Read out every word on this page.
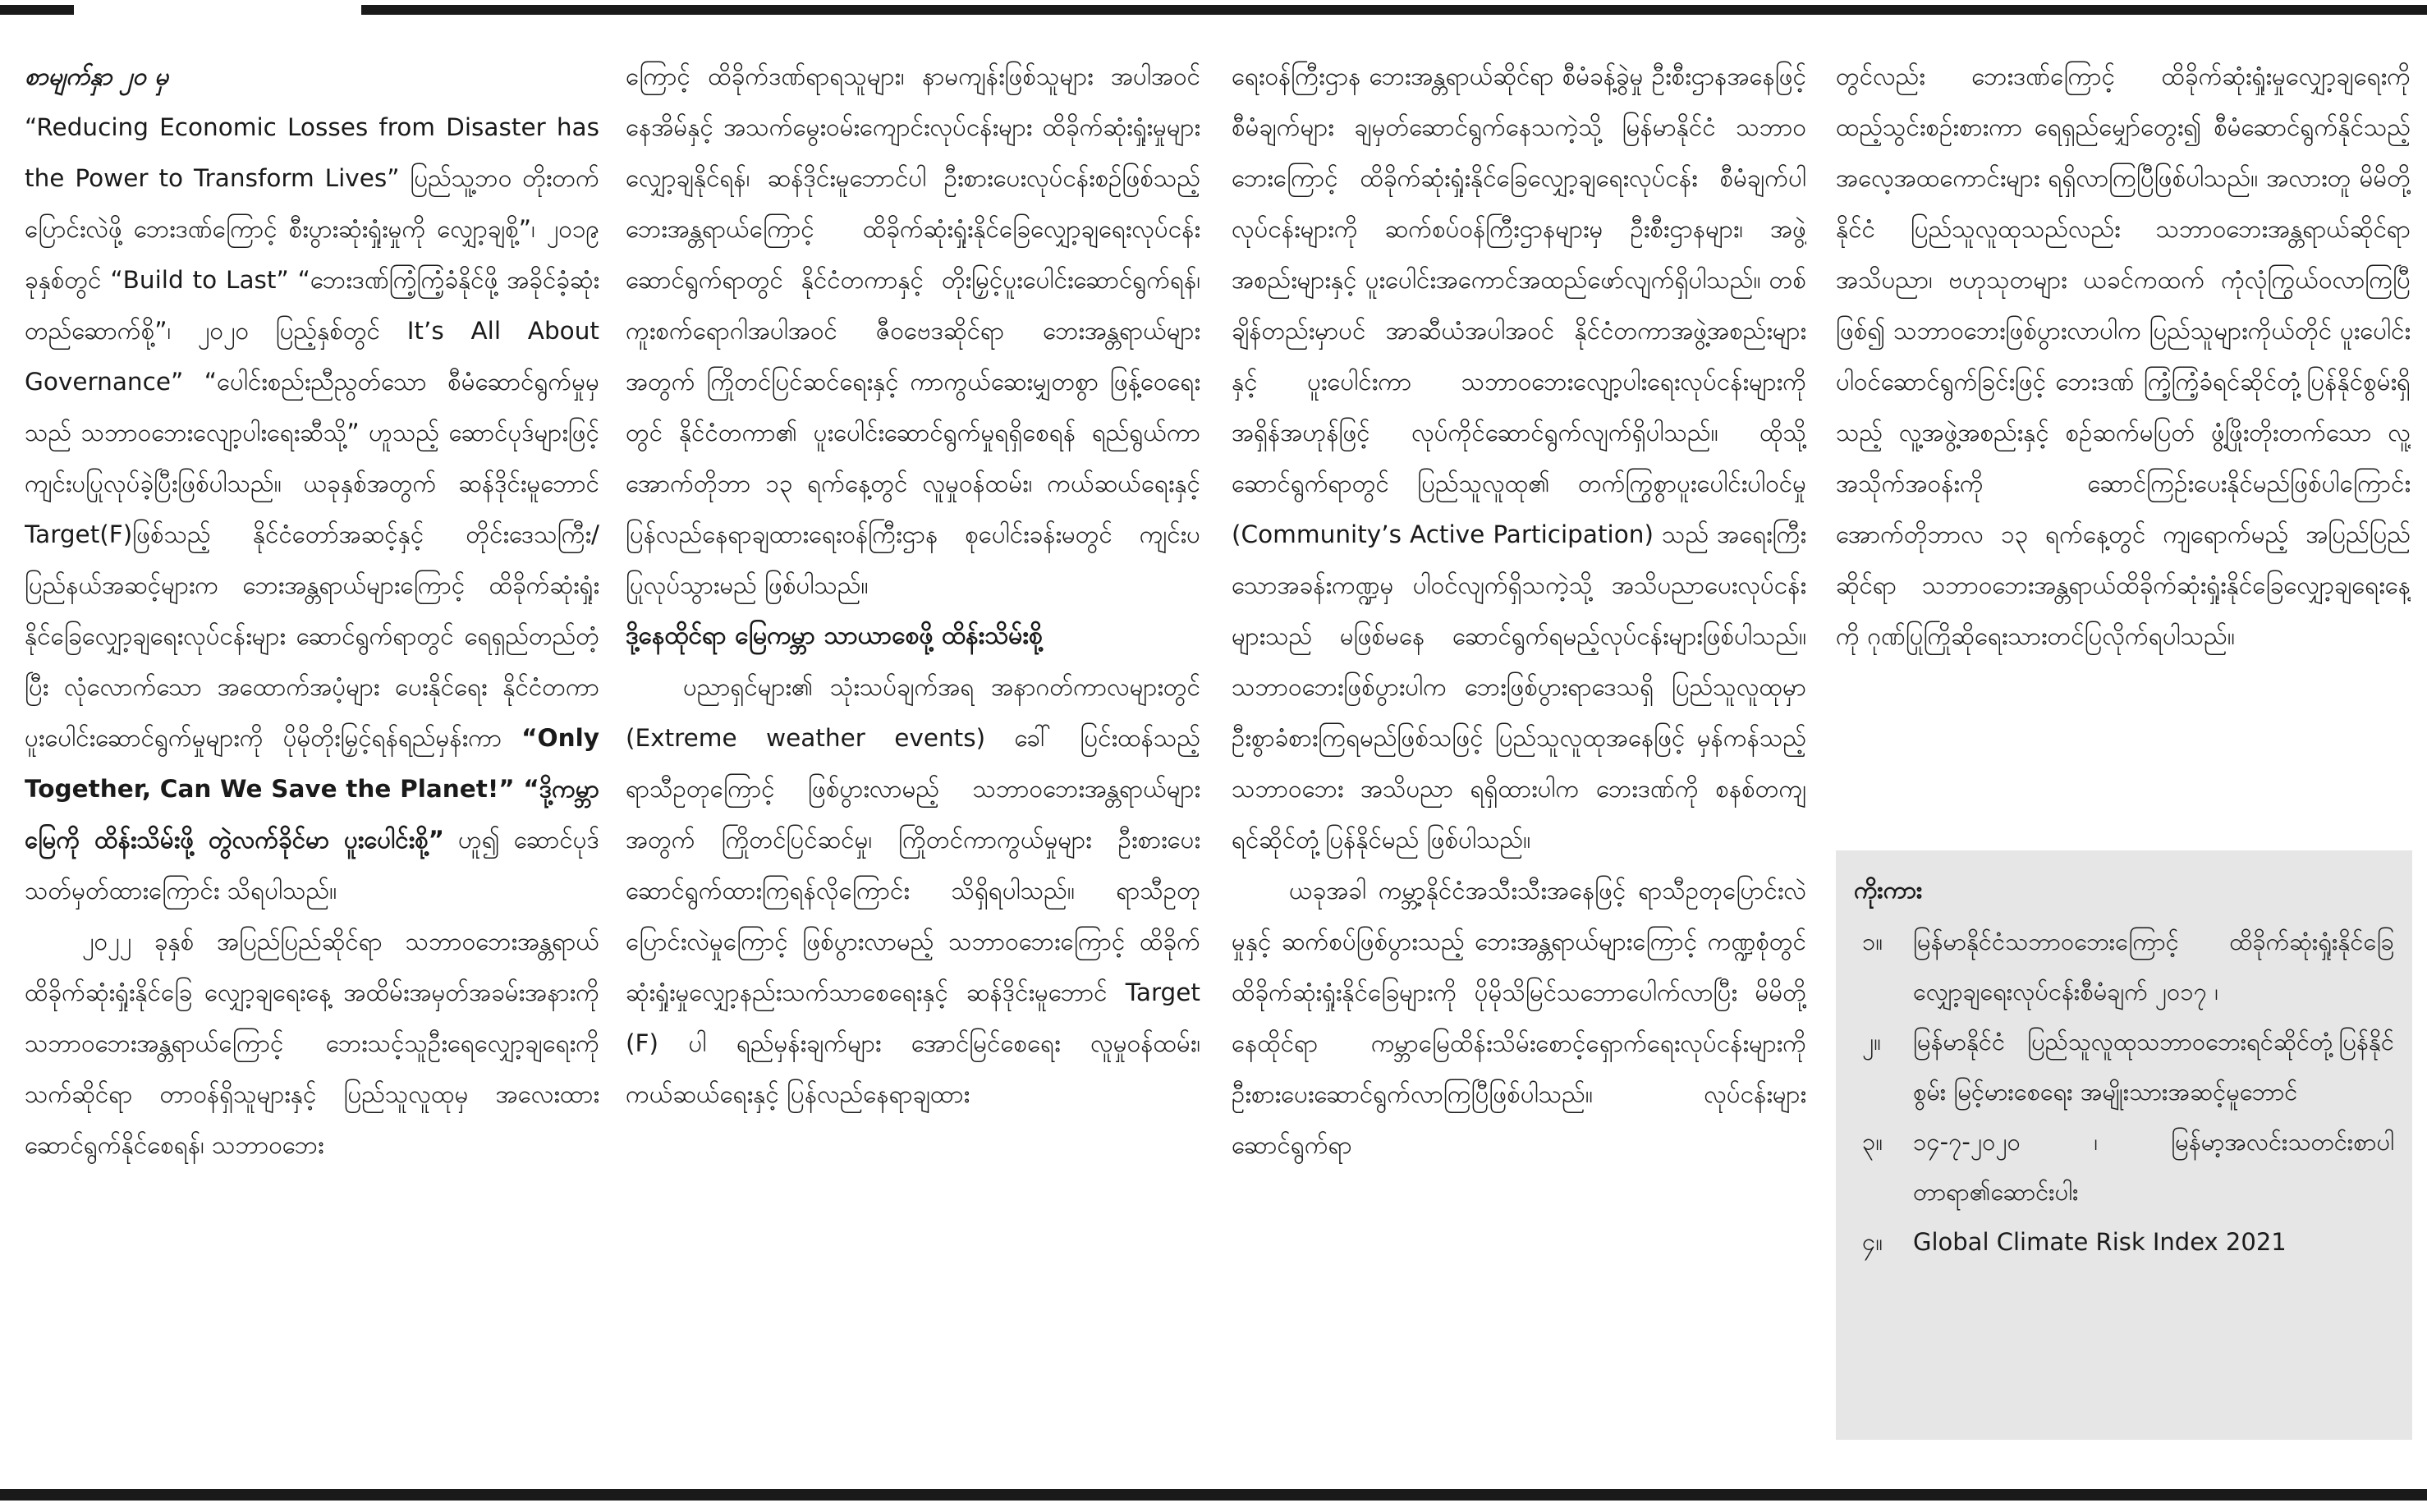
စာမျက်နှာ ၂၀ မှ

“Reducing Economic Losses from Disaster has the Power to Transform Lives” ပြည်သူ့ဘဝ တိုးတက်ပြောင်းလဲဖို့ ဘေးဒဏ်ကြောင့် စီးပွားဆုံးရှုံးမှုကို လျှော့ချစို့”၊ ၂၀၁၉ ခုနှစ်တွင် “Build to Last” “ဘေးဒဏ်ကြံ့ကြံ့ခံနိုင်ဖို့ အခိုင်ခံ့ဆုံး တည်ဆောက်စို့”၊ ၂၀၂၀ ပြည့်နှစ်တွင် It’s All About Governance” “ပေါင်းစည်းညီညွတ်သော စီမံဆောင်ရွက်မှုမှသည် သဘာဝဘေးလျော့ပါးရေးဆီသို့” ဟူသည့် ဆောင်ပုဒ်များဖြင့် ကျင်းပပြုလုပ်ခဲ့ပြီးဖြစ်ပါသည်။ ယခုနှစ်အတွက် ဆန်ဒိုင်းမူဘောင် Target(F)ဖြစ်သည့် နိုင်ငံတော်အဆင့်နှင့် တိုင်းဒေသကြီး/ပြည်နယ်အဆင့်များက ဘေးအန္တရာယ်များကြောင့် ထိခိုက်ဆုံးရှုံးနိုင်ခြေလျှော့ချရေးလုပ်ငန်းများ ဆောင်ရွက်ရာတွင် ရေရှည်တည်တံ့ပြီး လုံလောက်သော အထောက်အပံ့များ ပေးနိုင်ရေး နိုင်ငံတကာ ပူးပေါင်းဆောင်ရွက်မှုများကို ပိုမိုတိုးမြှင့်ရန်ရည်မှန်းကာ “Only Together, Can We Save the Planet!” “ဒို့ကမ္ဘာမြေကို ထိန်းသိမ်းဖို့ တွဲလက်ခိုင်မာ ပူးပေါင်းစို့” ဟူ၍ ဆောင်ပုဒ်သတ်မှတ်ထားကြောင်း သိရပါသည်။

၂၀၂၂ ခုနှစ် အပြည်ပြည်ဆိုင်ရာ သဘာဝဘေးအန္တရာယ် ထိခိုက်ဆုံးရှုံးနိုင်ခြေ လျှော့ချရေးနေ့ အထိမ်းအမှတ်အခမ်းအနားကို သဘာဝဘေးအန္တရာယ်ကြောင့် ဘေးသင့်သူဦးရေလျှော့ချရေးကို သက်ဆိုင်ရာ တာဝန်ရှိသူများနှင့် ပြည်သူလူထုမှ အလေးထားဆောင်ရွက်နိုင်စေရန်၊ သဘာဝဘေး

ကြောင့် ထိခိုက်ဒဏ်ရာရသူများ၊ နာမကျန်းဖြစ်သူများ အပါအဝင် နေအိမ်နှင့် အသက်မွေးဝမ်းကျောင်းလုပ်ငန်းများ ထိခိုက်ဆုံးရှုံးမှုများ လျှော့ချနိုင်ရန်၊ ဆန်ဒိုင်းမူဘောင်ပါ ဦးစားပေးလုပ်ငန်းစဉ်ဖြစ်သည့် ဘေးအန္တရာယ်ကြောင့် ထိခိုက်ဆုံးရှုံးနိုင်ခြေလျှော့ချရေးလုပ်ငန်း ဆောင်ရွက်ရာတွင် နိုင်ငံတကာနှင့် တိုးမြှင့်ပူးပေါင်းဆောင်ရွက်ရန်၊ ကူးစက်ရောဂါအပါအဝင် ဇီဝဗေဒဆိုင်ရာ ဘေးအန္တရာယ်များအတွက် ကြိုတင်ပြင်ဆင်ရေးနှင့် ကာကွယ်ဆေးမျှတစွာ ဖြန့်ဝေရေးတွင် နိုင်ငံတကာ၏ ပူးပေါင်းဆောင်ရွက်မှုရရှိစေရန် ရည်ရွယ်ကာ အောက်တိုဘာ ၁၃ ရက်နေ့တွင် လူမှုဝန်ထမ်း၊ ကယ်ဆယ်ရေးနှင့် ပြန်လည်နေရာချထားရေးဝန်ကြီးဌာန စုပေါင်းခန်းမတွင် ကျင်းပပြုလုပ်သွားမည် ဖြစ်ပါသည်။

ဒို့နေထိုင်ရာ မြေကမ္ဘာ သာယာစေဖို့ ထိန်းသိမ်းစို့

ပညာရှင်များ၏ သုံးသပ်ချက်အရ အနာဂတ်ကာလများတွင် (Extreme weather events) ခေါ် ပြင်းထန်သည့် ရာသီဥတုကြောင့် ဖြစ်ပွားလာမည့် သဘာဝဘေးအန္တရာယ်များအတွက် ကြိုတင်ပြင်ဆင်မှု၊ ကြိုတင်ကာကွယ်မှုများ ဦးစားပေးဆောင်ရွက်ထားကြရန်လိုကြောင်း သိရှိရပါသည်။ ရာသီဥတုပြောင်းလဲမှုကြောင့် ဖြစ်ပွားလာမည့် သဘာဝဘေးကြောင့် ထိခိုက်ဆုံးရှုံးမှုလျှော့နည်းသက်သာစေရေးနှင့် ဆန်ဒိုင်းမူဘောင် Target (F) ပါ ရည်မှန်းချက်များ အောင်မြင်စေရေး လူမှုဝန်ထမ်း၊ ကယ်ဆယ်ရေးနှင့် ပြန်လည်နေရာချထား

ရေးဝန်ကြီးဌာန ဘေးအန္တရာယ်ဆိုင်ရာ စီမံခန့်ခွဲမှု ဦးစီးဌာနအနေဖြင့် စီမံချက်များ ချမှတ်ဆောင်ရွက်နေသကဲ့သို့ မြန်မာနိုင်ငံ သဘာဝဘေးကြောင့် ထိခိုက်ဆုံးရှုံးနိုင်ခြေလျှော့ချရေးလုပ်ငန်း စီမံချက်ပါ လုပ်ငန်းများကို ဆက်စပ်ဝန်ကြီးဌာနများမှ ဦးစီးဌာနများ၊ အဖွဲ့အစည်းများနှင့် ပူးပေါင်းအကောင်အထည်ဖော်လျက်ရှိပါသည်။ တစ်ချိန်တည်းမှာပင် အာဆီယံအပါအဝင် နိုင်ငံတကာအဖွဲ့အစည်းများနှင့် ပူးပေါင်းကာ သဘာဝဘေးလျော့ပါးရေးလုပ်ငန်းများကို အရှိန်အဟုန်ဖြင့် လုပ်ကိုင်ဆောင်ရွက်လျက်ရှိပါသည်။ ထိုသို့ဆောင်ရွက်ရာတွင် ပြည်သူလူထု၏ တက်ကြွစွာပူးပေါင်းပါဝင်မှု (Community’s Active Participation) သည် အရေးကြီးသောအခန်းကဏ္ဍမှ ပါဝင်လျက်ရှိသကဲ့သို့ အသိပညာပေးလုပ်ငန်းများသည် မဖြစ်မနေ ဆောင်ရွက်ရမည့်လုပ်ငန်းများဖြစ်ပါသည်။ သဘာဝဘေးဖြစ်ပွားပါက ဘေးဖြစ်ပွားရာဒေသရှိ ပြည်သူလူထုမှာ ဦးစွာခံစားကြရမည်ဖြစ်သဖြင့် ပြည်သူလူထုအနေဖြင့် မှန်ကန်သည့် သဘာဝဘေး အသိပညာ ရရှိထားပါက ဘေးဒဏ်ကို စနစ်တကျ ရင်ဆိုင်တုံ့ပြန်နိုင်မည် ဖြစ်ပါသည်။

ယခုအခါ ကမ္ဘာ့နိုင်ငံအသီးသီးအနေဖြင့် ရာသီဥတုပြောင်းလဲမှုနှင့် ဆက်စပ်ဖြစ်ပွားသည့် ဘေးအန္တရာယ်များကြောင့် ကဏ္ဍစုံတွင် ထိခိုက်ဆုံးရှုံးနိုင်ခြေများကို ပိုမိုသိမြင်သဘောပေါက်လာပြီး မိမိတို့နေထိုင်ရာ ကမ္ဘာမြေထိန်းသိမ်းစောင့်ရှောက်ရေးလုပ်ငန်းများကို ဦးစားပေးဆောင်ရွက်လာကြပြီဖြစ်ပါသည်။ လုပ်ငန်းများ ဆောင်ရွက်ရာ

တွင်လည်း ဘေးဒဏ်ကြောင့် ထိခိုက်ဆုံးရှုံးမှုလျှော့ချရေးကို ထည့်သွင်းစဉ်းစားကာ ရေရှည်မျှော်တွေး၍ စီမံဆောင်ရွက်နိုင်သည့် အလေ့အထကောင်းများ ရရှိလာကြပြီဖြစ်ပါသည်။ အလားတူ မိမိတို့နိုင်ငံ ပြည်သူလူထုသည်လည်း သဘာဝဘေးအန္တရာယ်ဆိုင်ရာ အသိပညာ၊ ဗဟုသုတများ ယခင်ကထက် ကုံလုံကြွယ်ဝလာကြပြီဖြစ်၍ သဘာဝဘေးဖြစ်ပွားလာပါက ပြည်သူများကိုယ်တိုင် ပူးပေါင်းပါဝင်ဆောင်ရွက်ခြင်းဖြင့် ဘေးဒဏ် ကြံ့ကြံ့ခံရင်ဆိုင်တုံ့ပြန်နိုင်စွမ်းရှိသည့် လူ့အဖွဲ့အစည်းနှင့် စဉ်ဆက်မပြတ် ဖွံ့ဖြိုးတိုးတက်သော လူ့အသိုက်အဝန်းကို ဆောင်ကြဉ်းပေးနိုင်မည်ဖြစ်ပါကြောင်း အောက်တိုဘာလ ၁၃ ရက်နေ့တွင် ကျရောက်မည့် အပြည်ပြည်ဆိုင်ရာ သဘာဝဘေးအန္တရာယ်ထိခိုက်ဆုံးရှုံးနိုင်ခြေလျှော့ချရေးနေ့ကို ဂုဏ်ပြုကြိုဆိုရေးသားတင်ပြလိုက်ရပါသည်။

ကိုးကား
၁။	မြန်မာနိုင်ငံသဘာဝဘေးကြောင့် ထိခိုက်ဆုံးရှုံးနိုင်ခြေလျှော့ချရေးလုပ်ငန်းစီမံချက် ၂၀၁၇ ၊
၂။	မြန်မာနိုင်ငံ ပြည်သူလူထုသဘာဝဘေးရင်ဆိုင်တုံ့ပြန်နိုင်စွမ်း မြင့်မားစေရေး အမျိုးသားအဆင့်မူဘောင်
၃။	၁၄-၇-၂၀၂၀ ၊ မြန်မာ့အလင်းသတင်းစာပါ တာရာ၏ဆောင်းပါး
၄။	Global Climate Risk Index 2021
